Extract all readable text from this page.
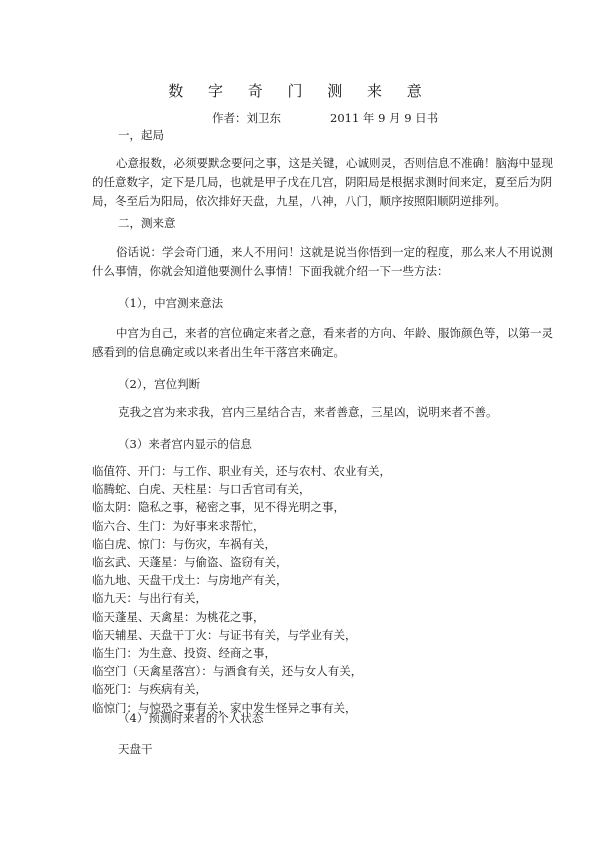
数 字 奇 门 测 来 意
作者：刘卫东	2011 年 9 月 9 日书

一，起局

心意报数，必须要默念要问之事，这是关键，心诚则灵，否则信息不准确！脑海中显现
的任意数字，定下是几局，也就是甲子戊在几宫，阴阳局是根据求测时间来定，夏至后为阴
局，冬至后为阳局，依次排好天盘，九星，八神，八门，顺序按照阳顺阴逆排列。

二，测来意

俗话说：学会奇门通，来人不用问！这就是说当你悟到一定的程度，那么来人不用说测
什么事情，你就会知道他要测什么事情！下面我就介绍一下一些方法：

（1），中宫测来意法

中宫为自己，来者的宫位确定来者之意，看来者的方向、年龄、服饰颜色等，以第一灵
感看到的信息确定或以来者出生年干落宫来确定。

（2），宫位判断

克我之宫为来求我，宫内三星结合吉，来者善意，三星凶，说明来者不善。

（3）来者宫内显示的信息

临值符、开门：与工作、职业有关，还与农村、农业有关，
临腾蛇、白虎、天柱星：与口舌官司有关，
临太阴：隐私之事，秘密之事，见不得光明之事，
临六合、生门：为好事来求帮忙，
临白虎、惊门：与伤灾，车祸有关，
临玄武、天蓬星：与偷盗、盗窃有关，
临九地、天盘干戊土：与房地产有关，
临九天：与出行有关，
临天蓬星、天禽星：为桃花之事，
临天辅星、天盘干丁火：与证书有关，与学业有关，
临生门：为生意、投资、经商之事，
临空门（天禽星落宫）：与酒食有关，还与女人有关，
临死门：与疾病有关，
临惊门：与惊恐之事有关，家中发生怪异之事有关，

（4）预测时来者的个人状态

天盘干
